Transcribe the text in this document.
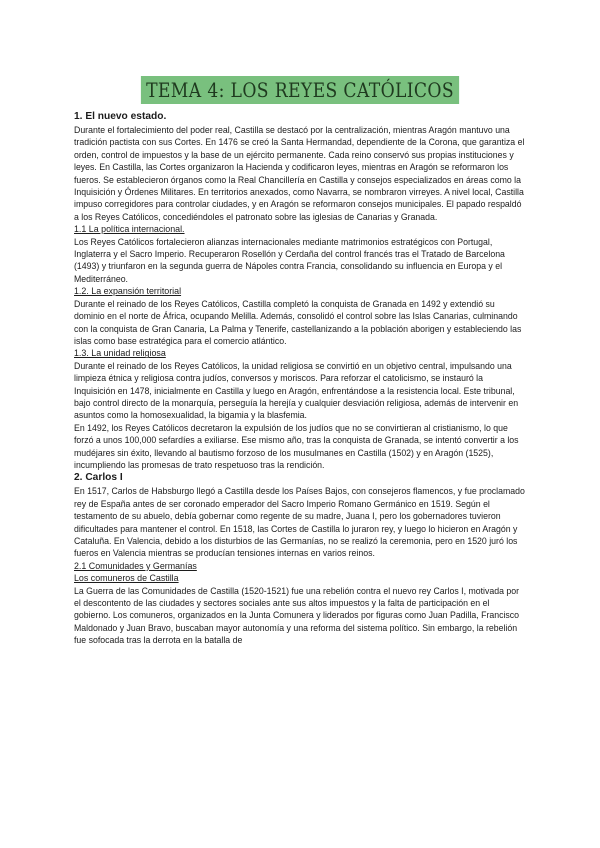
TEMA 4: LOS REYES CATÓLICOS

1. El nuevo estado.

Durante el fortalecimiento del poder real, Castilla se destacó por la centralización, mientras Aragón mantuvo una tradición pactista con sus Cortes. En 1476 se creó la Santa Hermandad, dependiente de la Corona, que garantiza el orden, control de impuestos y la base de un ejército permanente. Cada reino conservó sus propias instituciones y leyes. En Castilla, las Cortes organizaron la Hacienda y codificaron leyes, mientras en Aragón se reformaron los fueros. Se establecieron órganos como la Real Chancillería en Castilla y consejos especializados en áreas como la Inquisición y Órdenes Militares. En territorios anexados, como Navarra, se nombraron virreyes. A nivel local, Castilla impuso corregidores para controlar ciudades, y en Aragón se reformaron consejos municipales. El papado respaldó a los Reyes Católicos, concediéndoles el patronato sobre las iglesias de Canarias y Granada.

1.1 La política internacional.

Los Reyes Católicos fortalecieron alianzas internacionales mediante matrimonios estratégicos con Portugal, Inglaterra y el Sacro Imperio. Recuperaron Rosellón y Cerdaña del control francés tras el Tratado de Barcelona (1493) y triunfaron en la segunda guerra de Nápoles contra Francia, consolidando su influencia en Europa y el Mediterráneo.

1.2. La expansión territorial

Durante el reinado de los Reyes Católicos, Castilla completó la conquista de Granada en 1492 y extendió su dominio en el norte de África, ocupando Melilla. Además, consolidó el control sobre las Islas Canarias, culminando con la conquista de Gran Canaria, La Palma y Tenerife, castellanizando a la población aborigen y estableciendo las islas como base estratégica para el comercio atlántico.

1.3. La unidad religiosa

Durante el reinado de los Reyes Católicos, la unidad religiosa se convirtió en un objetivo central, impulsando una limpieza étnica y religiosa contra judíos, conversos y moriscos. Para reforzar el catolicismo, se instauró la Inquisición en 1478, inicialmente en Castilla y luego en Aragón, enfrentándose a la resistencia local. Este tribunal, bajo control directo de la monarquía, perseguía la herejía y cualquier desviación religiosa, además de intervenir en asuntos como la homosexualidad, la bigamia y la blasfemia.

En 1492, los Reyes Católicos decretaron la expulsión de los judíos que no se convirtieran al cristianismo, lo que forzó a unos 100,000 sefardíes a exiliarse. Ese mismo año, tras la conquista de Granada, se intentó convertir a los mudéjares sin éxito, llevando al bautismo forzoso de los musulmanes en Castilla (1502) y en Aragón (1525), incumpliendo las promesas de trato respetuoso tras la rendición.

2. Carlos I

En 1517, Carlos de Habsburgo llegó a Castilla desde los Países Bajos, con consejeros flamencos, y fue proclamado rey de España antes de ser coronado emperador del Sacro Imperio Romano Germánico en 1519. Según el testamento de su abuelo, debía gobernar como regente de su madre, Juana I, pero los gobernadores tuvieron dificultades para mantener el control. En 1518, las Cortes de Castilla lo juraron rey, y luego lo hicieron en Aragón y Cataluña. En Valencia, debido a los disturbios de las Germanías, no se realizó la ceremonia, pero en 1520 juró los fueros en Valencia mientras se producían tensiones internas en varios reinos.

2.1 Comunidades y Germanías

Los comuneros de Castilla

La Guerra de las Comunidades de Castilla (1520-1521) fue una rebelión contra el nuevo rey Carlos I, motivada por el descontento de las ciudades y sectores sociales ante sus altos impuestos y la falta de participación en el gobierno. Los comuneros, organizados en la Junta Comunera y liderados por figuras como Juan Padilla, Francisco Maldonado y Juan Bravo, buscaban mayor autonomía y una reforma del sistema político. Sin embargo, la rebelión fue sofocada tras la derrota en la batalla de
